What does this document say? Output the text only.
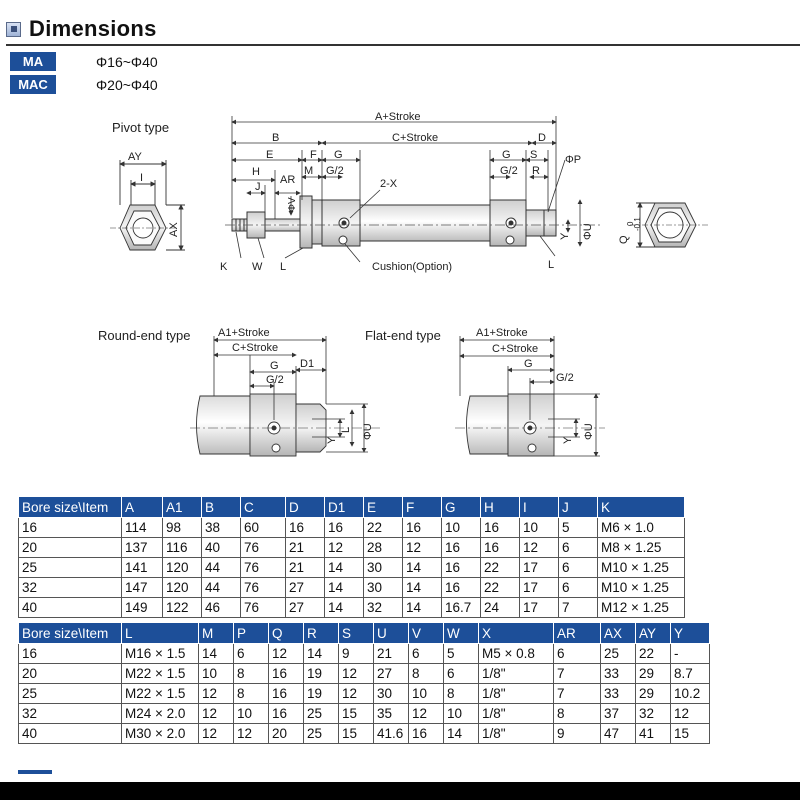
Dimensions
MA	Φ16~Φ40
MAC	Φ20~Φ40
A+Stroke
B	C+Stroke	D
E	F G	G S	ΦP
H	M G/2	G/2 R
J
AR	2-X
ΦV
K W L	Cushion(Option)	L
Y ΦU
Pivot type
AY
I
AX
Q
0
-0.1
Round-end type A1+Stroke
C+Stroke
D1
G
G/2
Y
L ΦU
Flat-end type	A1+Stroke
C+Stroke
G
G/2
Y
ΦU
Bore size\Item	A	A1	B	C	D	D1	E	F	G	H	I	J	K
16	114	98	38	60	16	16	22	16	10	16	10	5	M6 × 1.0
20	137	116	40	76	21	12	28	12	16	16	12	6	M8 × 1.25
25	141	120	44	76	21	14	30	14	16	22	17	6	M10 × 1.25
32	147	120	44	76	27	14	30	14	16	22	17	6	M10 × 1.25
40	149	122	46	76	27	14	32	14	16.7	24	17	7	M12 × 1.25
Bore size\Item	L	M	P	Q	R	S	U	V	W	X	AR	AX	AY	Y
16	M16 × 1.5	14	6	12	14	9	21	6	5	M5 × 0.8	6	25	22	-
20	M22 × 1.5	10	8	16	19	12	27	8	6	1/8"	7	33	29	8.7
25	M22 × 1.5	12	8	16	19	12	30	10	8	1/8"	7	33	29	10.2
32	M24 × 2.0	12	10	16	25	15	35	12	10	1/8"	8	37	32	12
40	M30 × 2.0	12	12	20	25	15	41.6	16	14	1/8"	9	47	41	15
